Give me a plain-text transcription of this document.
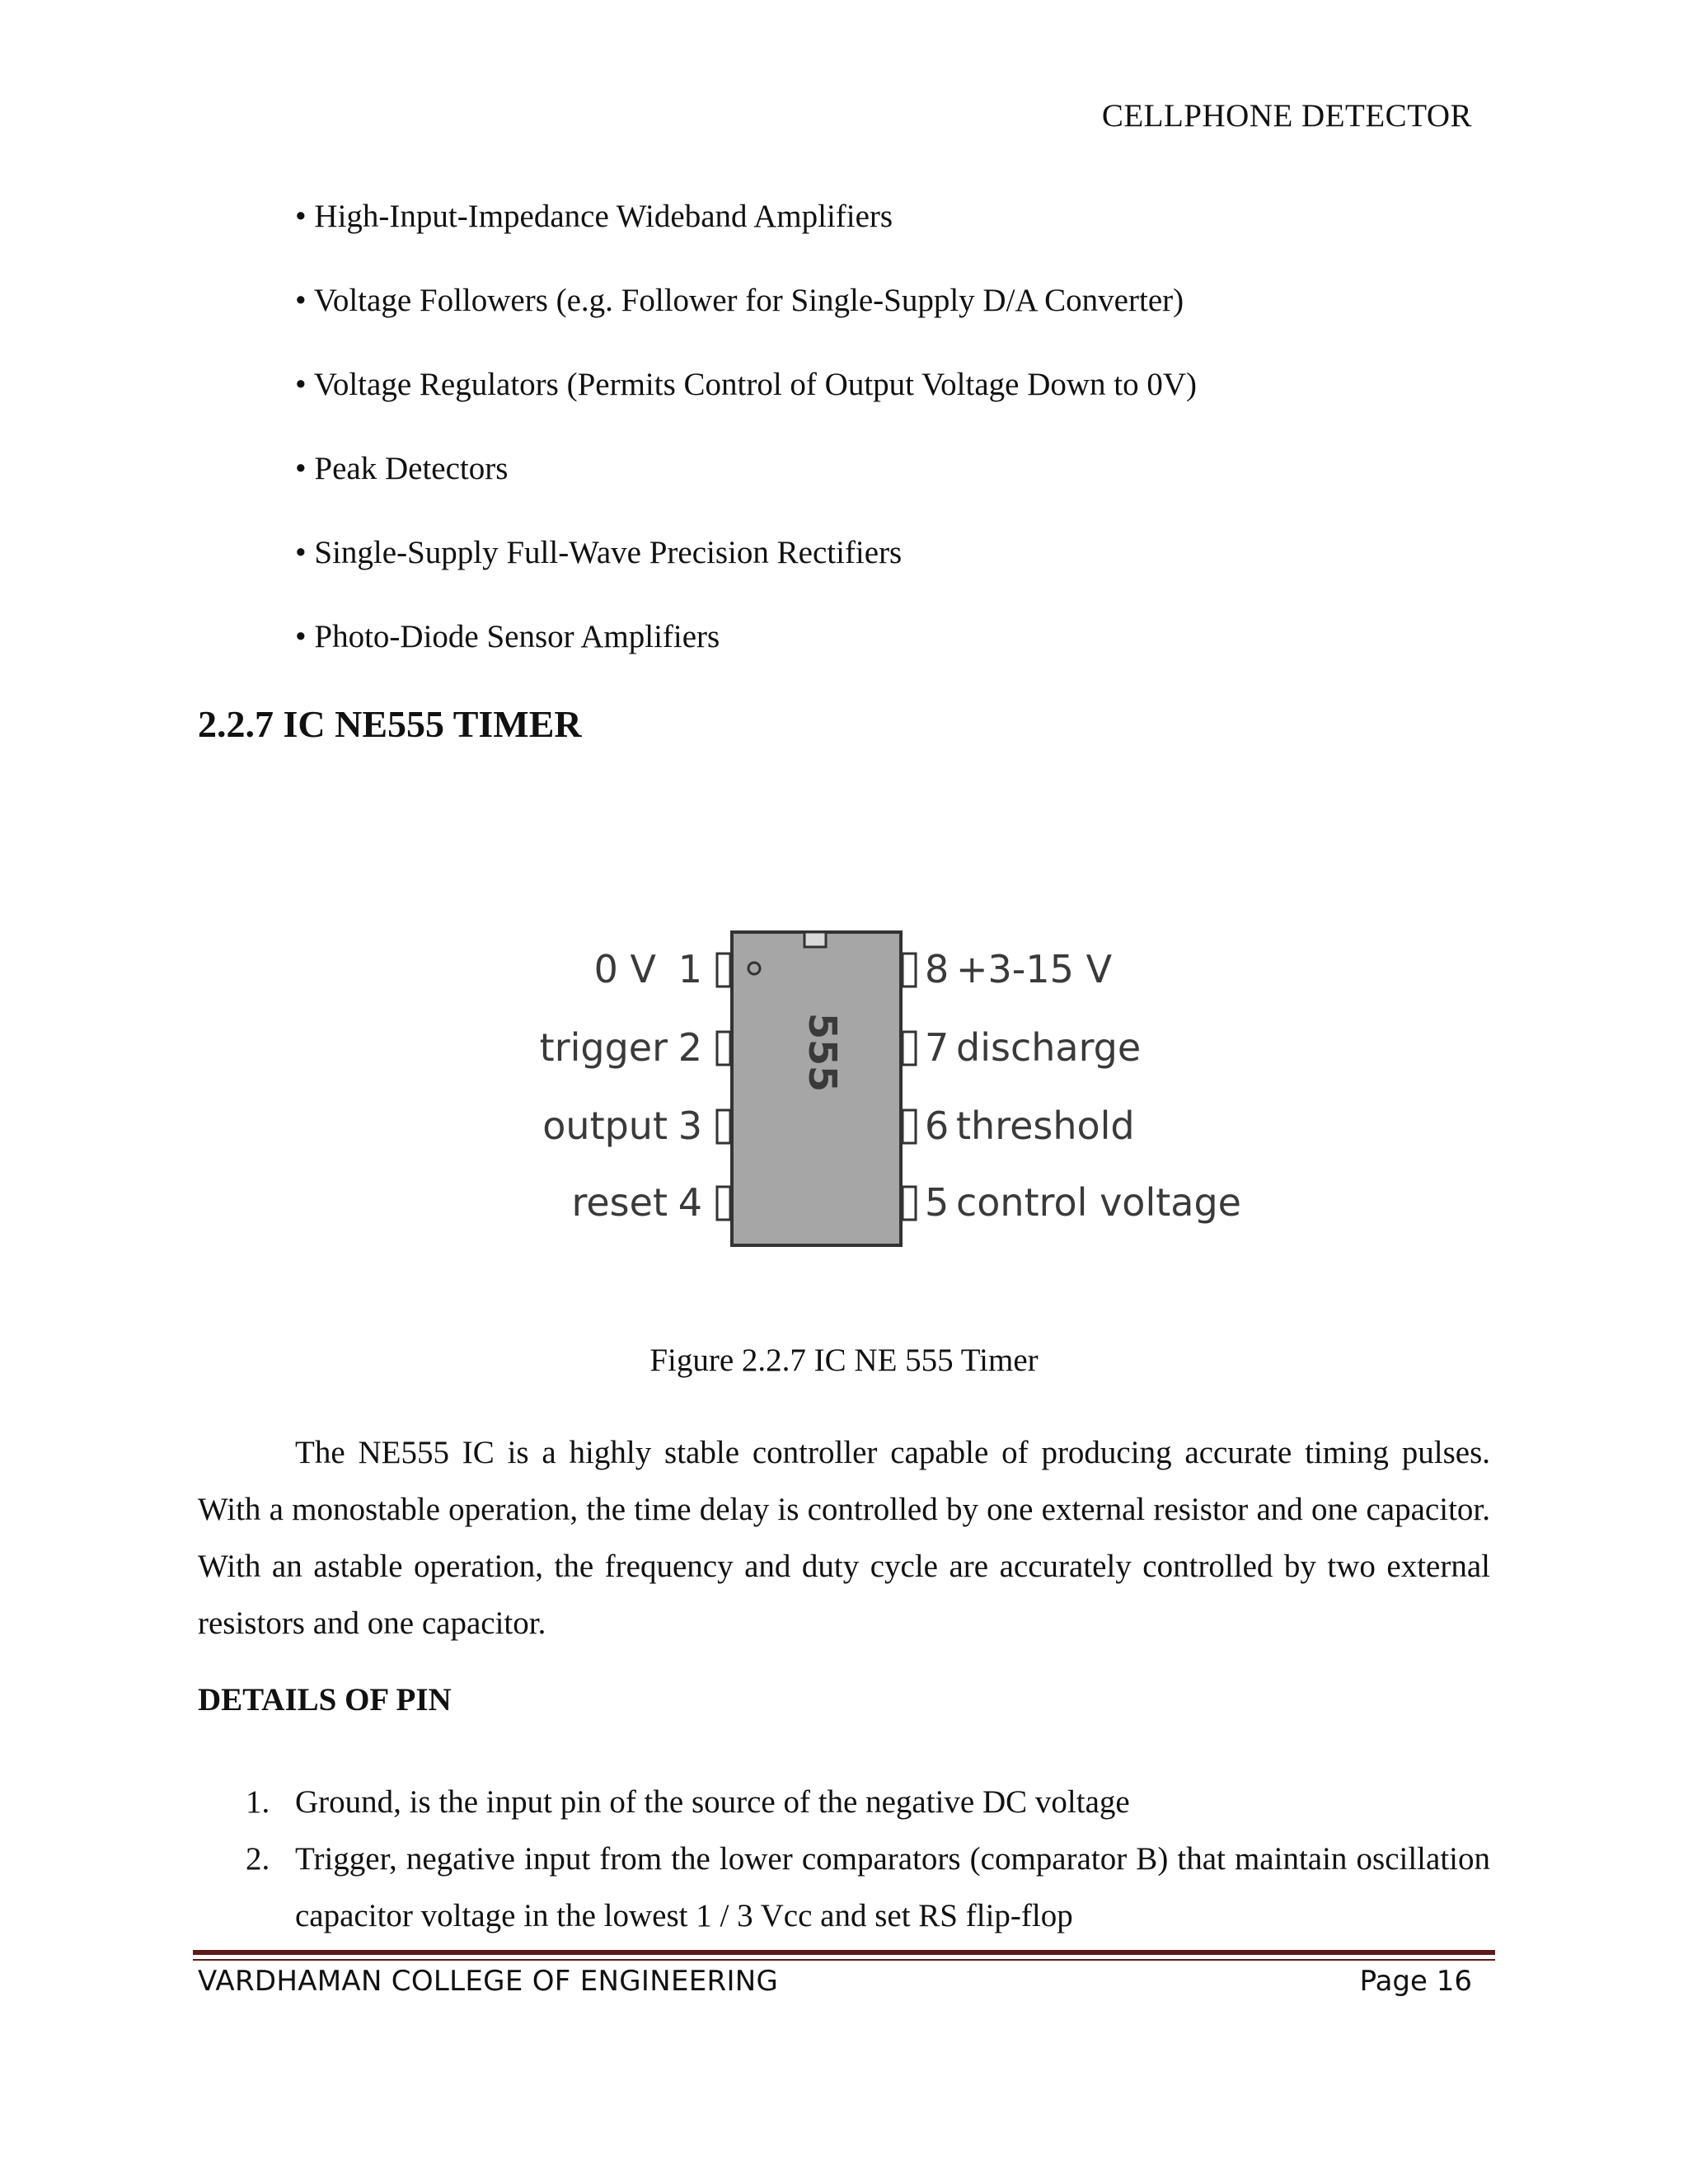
CELLPHONE DETECTOR
• High-Input-Impedance Wideband Amplifiers
• Voltage Followers (e.g. Follower for Single-Supply D/A Converter)
• Voltage Regulators (Permits Control of Output Voltage Down to 0V)
• Peak Detectors
• Single-Supply Full-Wave Precision Rectifiers
• Photo-Diode Sensor Amplifiers
2.2.7 IC NE555 TIMER
555
0 V 1
trigger 2
output 3
reset 4
8 +3-15 V
7 discharge
6 threshold
5 control voltage
Figure 2.2.7 IC NE 555 Timer

The NE555 IC is a highly stable controller capable of producing accurate timing pulses. With a monostable operation, the time delay is controlled by one external resistor and one capacitor. With an astable operation, the frequency and duty cycle are accurately controlled by two external resistors and one capacitor.

DETAILS OF PIN
1. Ground, is the input pin of the source of the negative DC voltage
2. Trigger, negative input from the lower comparators (comparator B) that maintain oscillation capacitor voltage in the lowest 1 / 3 Vcc and set RS flip-flop
VARDHAMAN COLLEGE OF ENGINEERING	Page 16
